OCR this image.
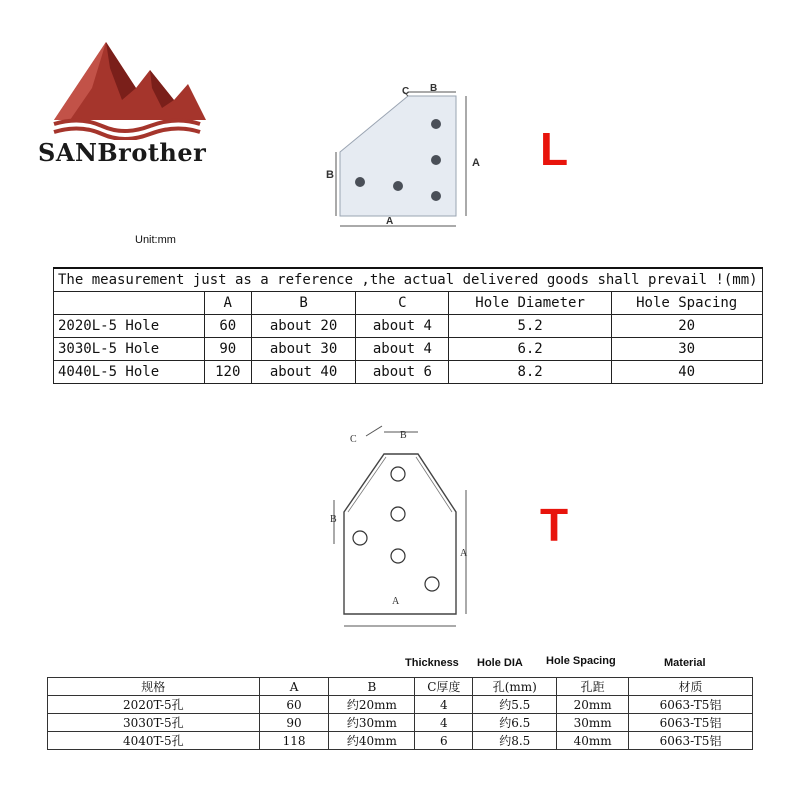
SANBrother
C B
A
B
A
L
Unit:mm
The measurement just as a reference ,the actual delivered goods shall prevail !(mm)					
	A	B	C	Hole Diameter	Hole Spacing
2020L-5 Hole	60	about 20	about 4	5.2	20
3030L-5 Hole	90	about 30	about 4	6.2	30
4040L-5 Hole	120	about 40	about 6	8.2	40
C	B
A
B
A
T
Thickness Hole DIA Hole Spacing	Material
规格	A	B	C厚度	孔(mm)	孔距	材质
2020T-5孔	60	约20mm	4	约5.5	20mm	6063-T5铝
3030T-5孔	90	约30mm	4	约6.5	30mm	6063-T5铝
4040T-5孔	118	约40mm	6	约8.5	40mm	6063-T5铝
